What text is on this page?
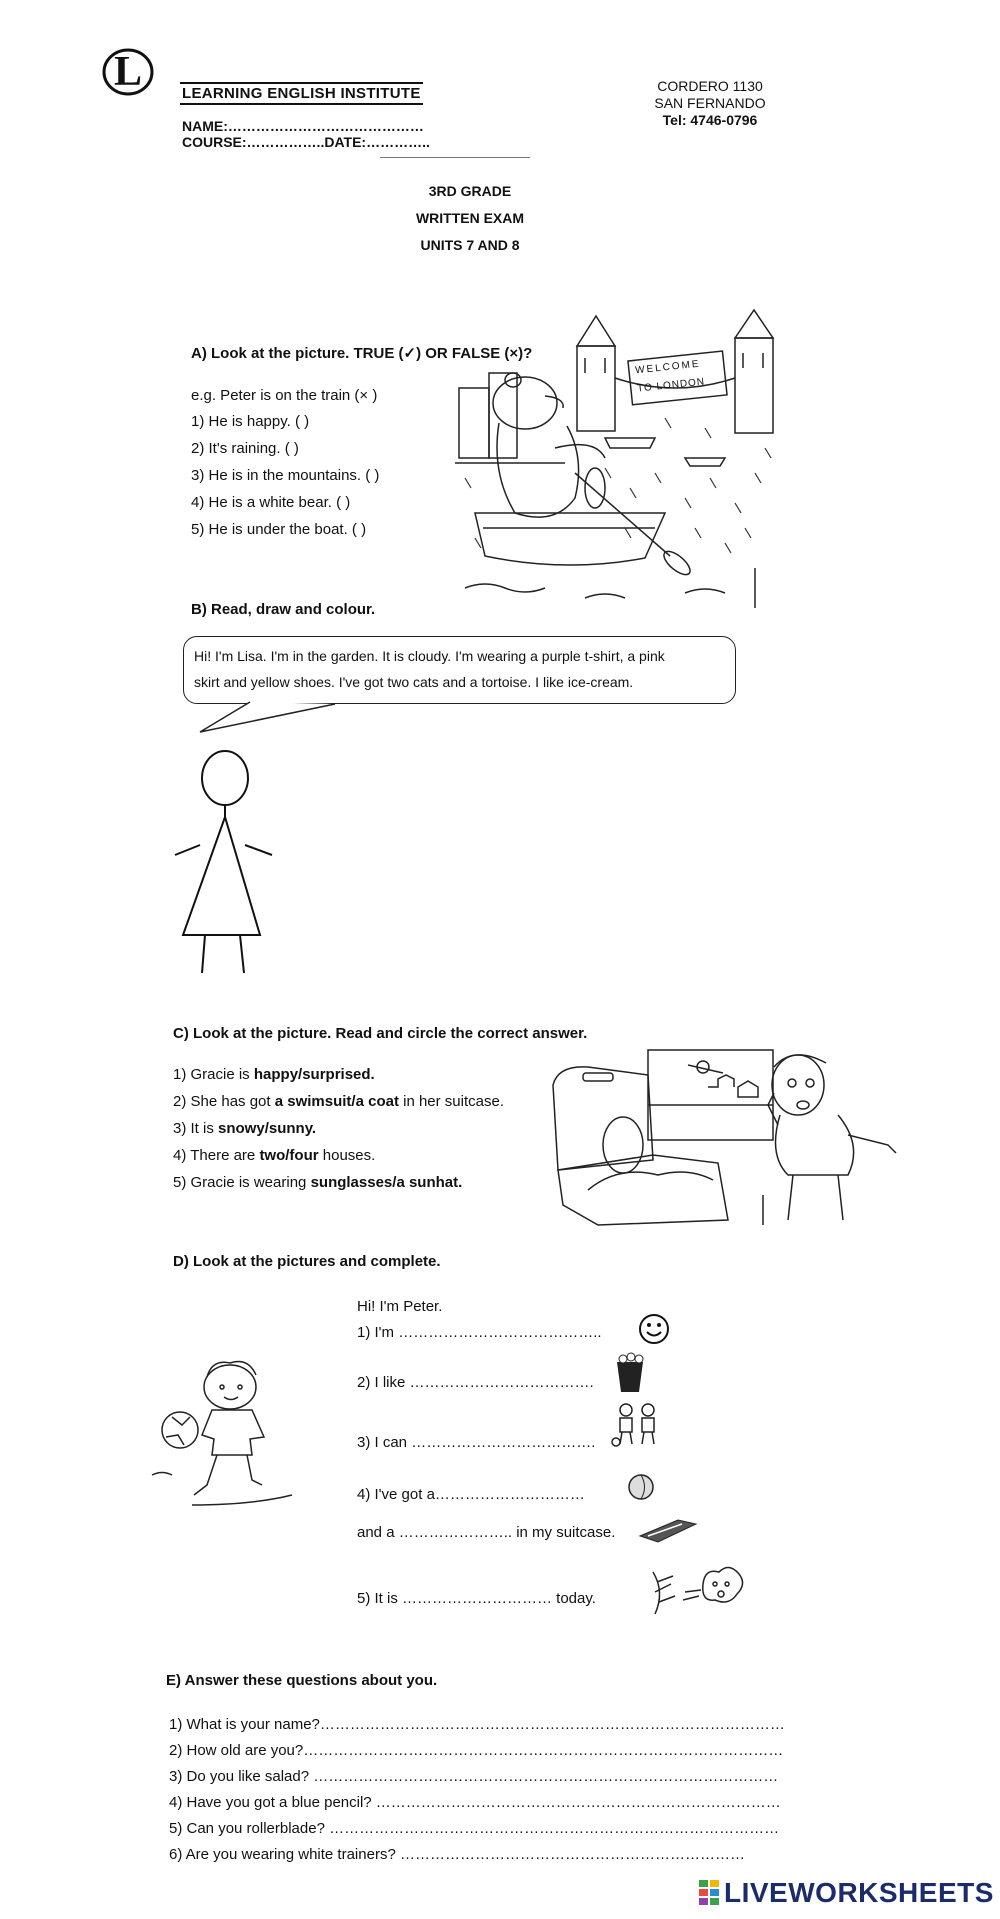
L	LEARNING ENGLISH INSTITUTE
NAME:……………………………………
COURSE:……………..DATE:…………..
CORDERO 1130
SAN FERNANDO
Tel: 4746-0796
3RD GRADE
WRITTEN EXAM
UNITS 7 AND 8
A) Look at the picture. TRUE (✓) OR FALSE (×)?
e.g. Peter is on the train (× )
1) He is happy. ( )
2) It's raining. ( )
3) He is in the mountains. ( )
4) He is a white bear. ( )
5) He is under the boat. ( )
WELCOME
TO LONDON
B) Read, draw and colour.
Hi! I'm Lisa. I'm in the garden. It is cloudy. I'm wearing a purple t-shirt, a pink
skirt and yellow shoes. I've got two cats and a tortoise. I like ice-cream.
C) Look at the picture. Read and circle the correct answer.
1) Gracie is happy/surprised.
2) She has got a swimsuit/a coat in her suitcase.
3) It is snowy/sunny.
4) There are two/four houses.
5) Gracie is wearing sunglasses/a sunhat.
D) Look at the pictures and complete.
Hi! I'm Peter.
1) I'm …………………………………..
2) I like ……………………………….
3) I can ……………………………….
4) I've got a…………………………
and a ………………….. in my suitcase.
5) It is ………………………… today.
E) Answer these questions about you.
1) What is your name?…………………………………………………………………………………
2) How old are you?……………………………………………………………………………………
3) Do you like salad? …………………………………………………………………………………
4) Have you got a blue pencil? ………………………………………………………………………
5) Can you rollerblade? ………………………………………………………………………………
6) Are you wearing white trainers? ……………………………………………………………
LIVEWORKSHEETS
